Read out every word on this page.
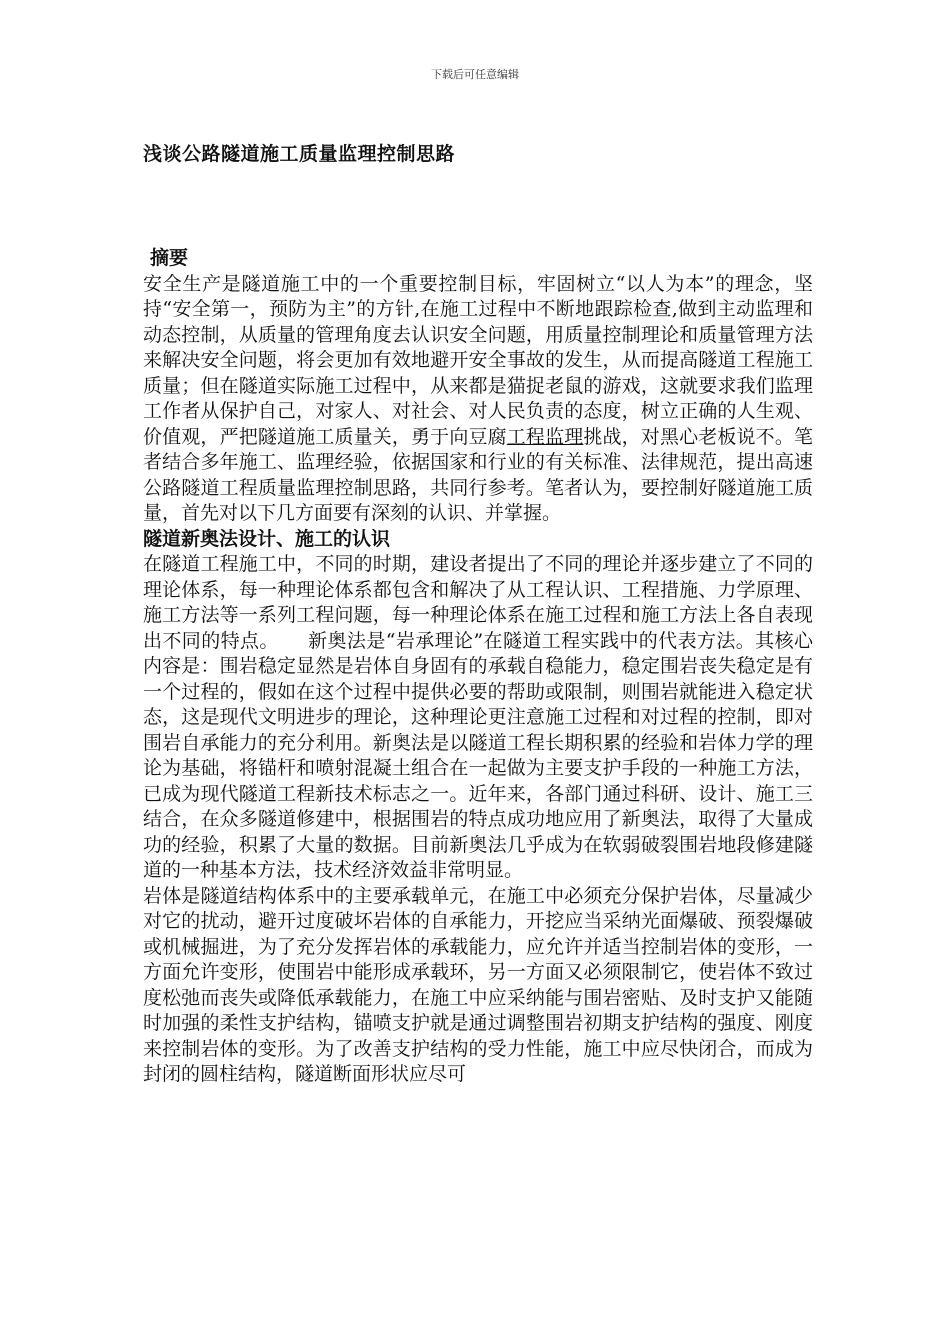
下载后可任意编辑
浅谈公路隧道施工质量监理控制思路
摘要

安全生产是隧道施工中的一个重要控制目标，牢固树立“以人为本”的理念，坚持“安全第一，预防为主”的方针,在施工过程中不断地跟踪检查,做到主动监理和动态控制，从质量的管理角度去认识安全问题，用质量控制理论和质量管理方法来解决安全问题，将会更加有效地避开安全事故的发生，从而提高隧道工程施工质量；但在隧道实际施工过程中，从来都是猫捉老鼠的游戏，这就要求我们监理工作者从保护自己，对家人、对社会、对人民负责的态度，树立正确的人生观、价值观，严把隧道施工质量关，勇于向豆腐工程监理挑战，对黑心老板说不。笔者结合多年施工、监理经验，依据国家和行业的有关标准、法律规范，提出高速公路隧道工程质量监理控制思路，共同行参考。笔者认为，要控制好隧道施工质量，首先对以下几方面要有深刻的认识、并掌握。

隧道新奥法设计、施工的认识

在隧道工程施工中，不同的时期，建设者提出了不同的理论并逐步建立了不同的理论体系，每一种理论体系都包含和解决了从工程认识、工程措施、力学原理、施工方法等一系列工程问题，每一种理论体系在施工过程和施工方法上各自表现出不同的特点。　　新奥法是“岩承理论”在隧道工程实践中的代表方法。其核心内容是：围岩稳定显然是岩体自身固有的承载自稳能力，稳定围岩丧失稳定是有一个过程的，假如在这个过程中提供必要的帮助或限制，则围岩就能进入稳定状态，这是现代文明进步的理论，这种理论更注意施工过程和对过程的控制，即对围岩自承能力的充分利用。新奥法是以隧道工程长期积累的经验和岩体力学的理论为基础，将锚杆和喷射混凝土组合在一起做为主要支护手段的一种施工方法，已成为现代隧道工程新技术标志之一。近年来，各部门通过科研、设计、施工三结合，在众多隧道修建中，根据围岩的特点成功地应用了新奥法，取得了大量成功的经验，积累了大量的数据。目前新奥法几乎成为在软弱破裂围岩地段修建隧道的一种基本方法，技术经济效益非常明显。

岩体是隧道结构体系中的主要承载单元，在施工中必须充分保护岩体，尽量减少对它的扰动，避开过度破坏岩体的自承能力，开挖应当采纳光面爆破、预裂爆破或机械掘进，为了充分发挥岩体的承载能力，应允许并适当控制岩体的变形，一方面允许变形，使围岩中能形成承载环，另一方面又必须限制它，使岩体不致过度松弛而丧失或降低承载能力，在施工中应采纳能与围岩密贴、及时支护又能随时加强的柔性支护结构，锚喷支护就是通过调整围岩初期支护结构的强度、刚度来控制岩体的变形。为了改善支护结构的受力性能，施工中应尽快闭合，而成为封闭的圆柱结构，隧道断面形状应尽可
